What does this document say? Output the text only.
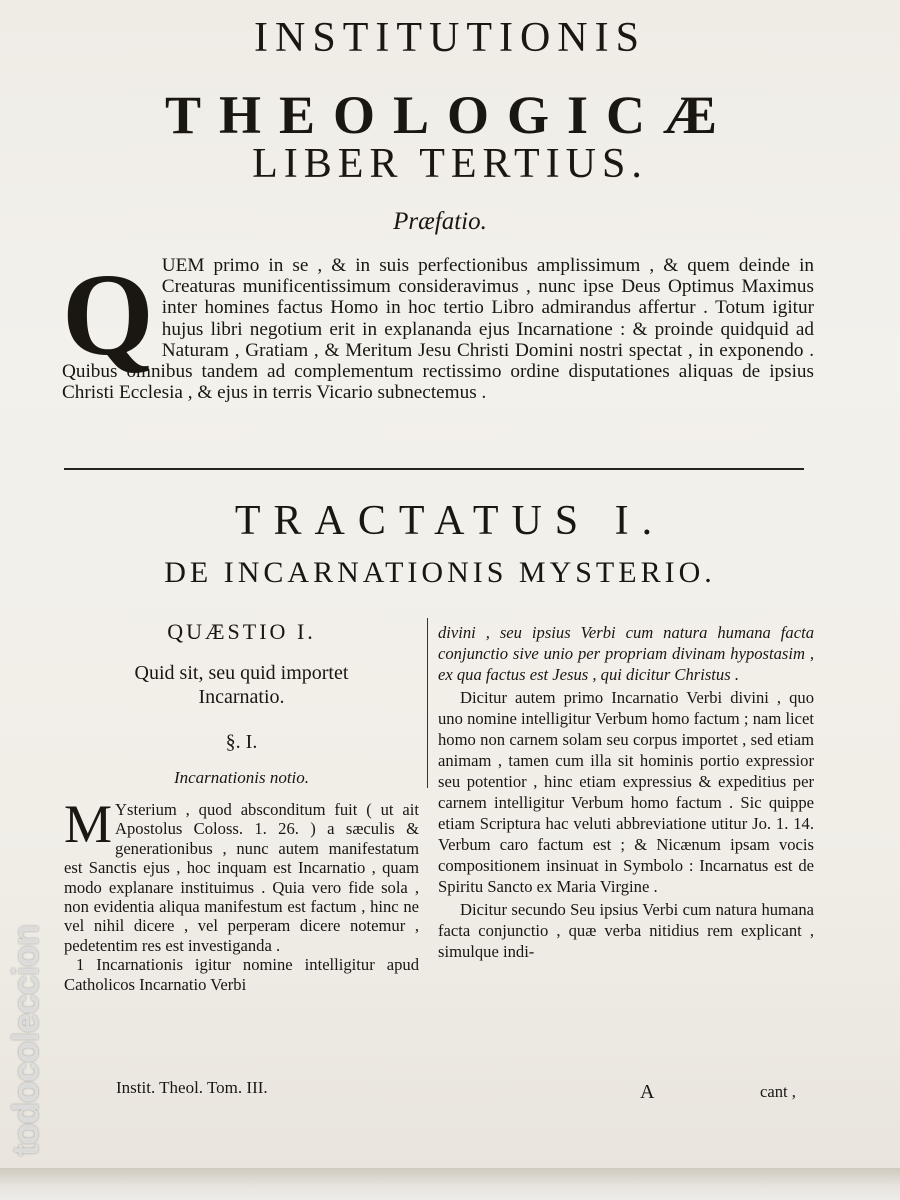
INSTITUTIONIS
THEOLOGICÆ
LIBER TERTIUS.
Præfatio.
Q UEM primo in se , & in suis perfectionibus amplissimum , & quem deinde in Creaturas munificentissimum consideravimus , nunc ipse Deus Optimus Maximus inter homines factus Homo in hoc tertio Libro admirandus affertur . Totum igitur hujus libri negotium erit in explananda ejus Incarnatione : & proinde quidquid ad Naturam , Gratiam , & Meritum Jesu Christi Domini nostri spectat , in exponendo . Quibus omnibus tandem ad complementum rectissimo ordine disputationes aliquas de ipsius Christi Ecclesia , & ejus in terris Vicario subnectemus .
TRACTATUS I.
DE INCARNATIONIS MYSTERIO.
QUÆSTIO I.
Quid sit, seu quid importet
Incarnatio.
§. I.
Incarnationis notio.
M Ysterium , quod absconditum fuit ( ut ait Apostolus Coloss. 1. 26. ) a sæculis & generationibus , nunc autem manifestatum est Sanctis ejus , hoc inquam est Incarnatio , quam modo explanare instituimus . Quia vero fide sola , non evidentia aliqua manifestum est factum , hinc ne vel nihil dicere , vel perperam dicere notemur , pedetentim res est investiganda .
1 Incarnationis igitur nomine intelligitur apud Catholicos Incarnatio Verbi
Instit. Theol. Tom. III.

divini , seu ipsius Verbi cum natura humana facta conjunctio sive unio per propriam divinam hypostasim , ex qua factus est Jesus , qui dicitur Christus .

Dicitur autem primo Incarnatio Verbi divini , quo uno nomine intelligitur Verbum homo factum ; nam licet homo non carnem solam seu corpus importet , sed etiam animam , tamen cum illa sit hominis portio expressior seu potentior , hinc etiam expressius & expeditius per carnem intelligitur Verbum homo factum . Sic quippe etiam Scriptura hac veluti abbreviatione utitur Jo. 1. 14. Verbum caro factum est ; & Nicænum ipsam vocis compositionem insinuat in Symbolo : Incarnatus est de Spiritu Sancto ex Maria Virgine .

Dicitur secundo Seu ipsius Verbi cum natura humana facta conjunctio , quæ verba nitidius rem explicant , simulque indi-

A	cant ,
todocoleccion
